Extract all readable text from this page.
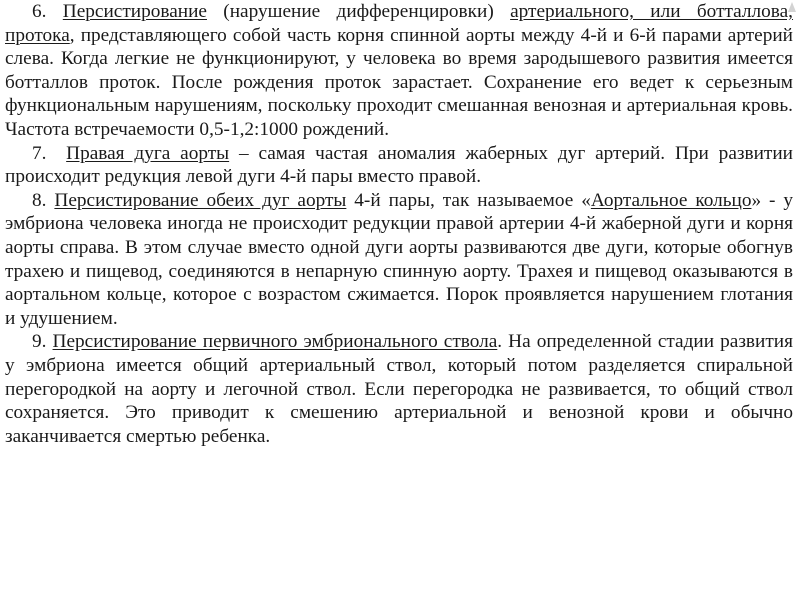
6. Персистирование (нарушение дифференцировки) артериального, или ботталлова, протока, представляющего собой часть корня спинной аорты между 4-й и 6-й парами артерий слева. Когда легкие не функционируют, у человека во время зародышевого развития имеется ботталлов проток. После рождения проток зарастает. Сохранение его ведет к серьезным функциональным нарушениям, поскольку проходит смешанная венозная и артериальная кровь. Частота встречаемости 0,5-1,2:1000 рождений.

7. Правая дуга аорты – самая частая аномалия жаберных дуг артерий. При развитии происходит редукция левой дуги 4-й пары вместо правой.

8. Персистирование обеих дуг аорты 4-й пары, так называемое «Аортальное кольцо» - у эмбриона человека иногда не происходит редукции правой артерии 4-й жаберной дуги и корня аорты справа. В этом случае вместо одной дуги аорты развиваются две дуги, которые обогнув трахею и пищевод, соединяются в непарную спинную аорту. Трахея и пищевод оказываются в аортальном кольце, которое с возрастом сжимается. Порок проявляется нарушением глотания и удушением.

9. Персистирование первичного эмбрионального ствола. На определенной стадии развития у эмбриона имеется общий артериальный ствол, который потом разделяется спиральной перегородкой на аорту и легочной ствол. Если перегородка не развивается, то общий ствол сохраняется. Это приводит к смешению артериальной и венозной крови и обычно заканчивается смертью ребенка.
